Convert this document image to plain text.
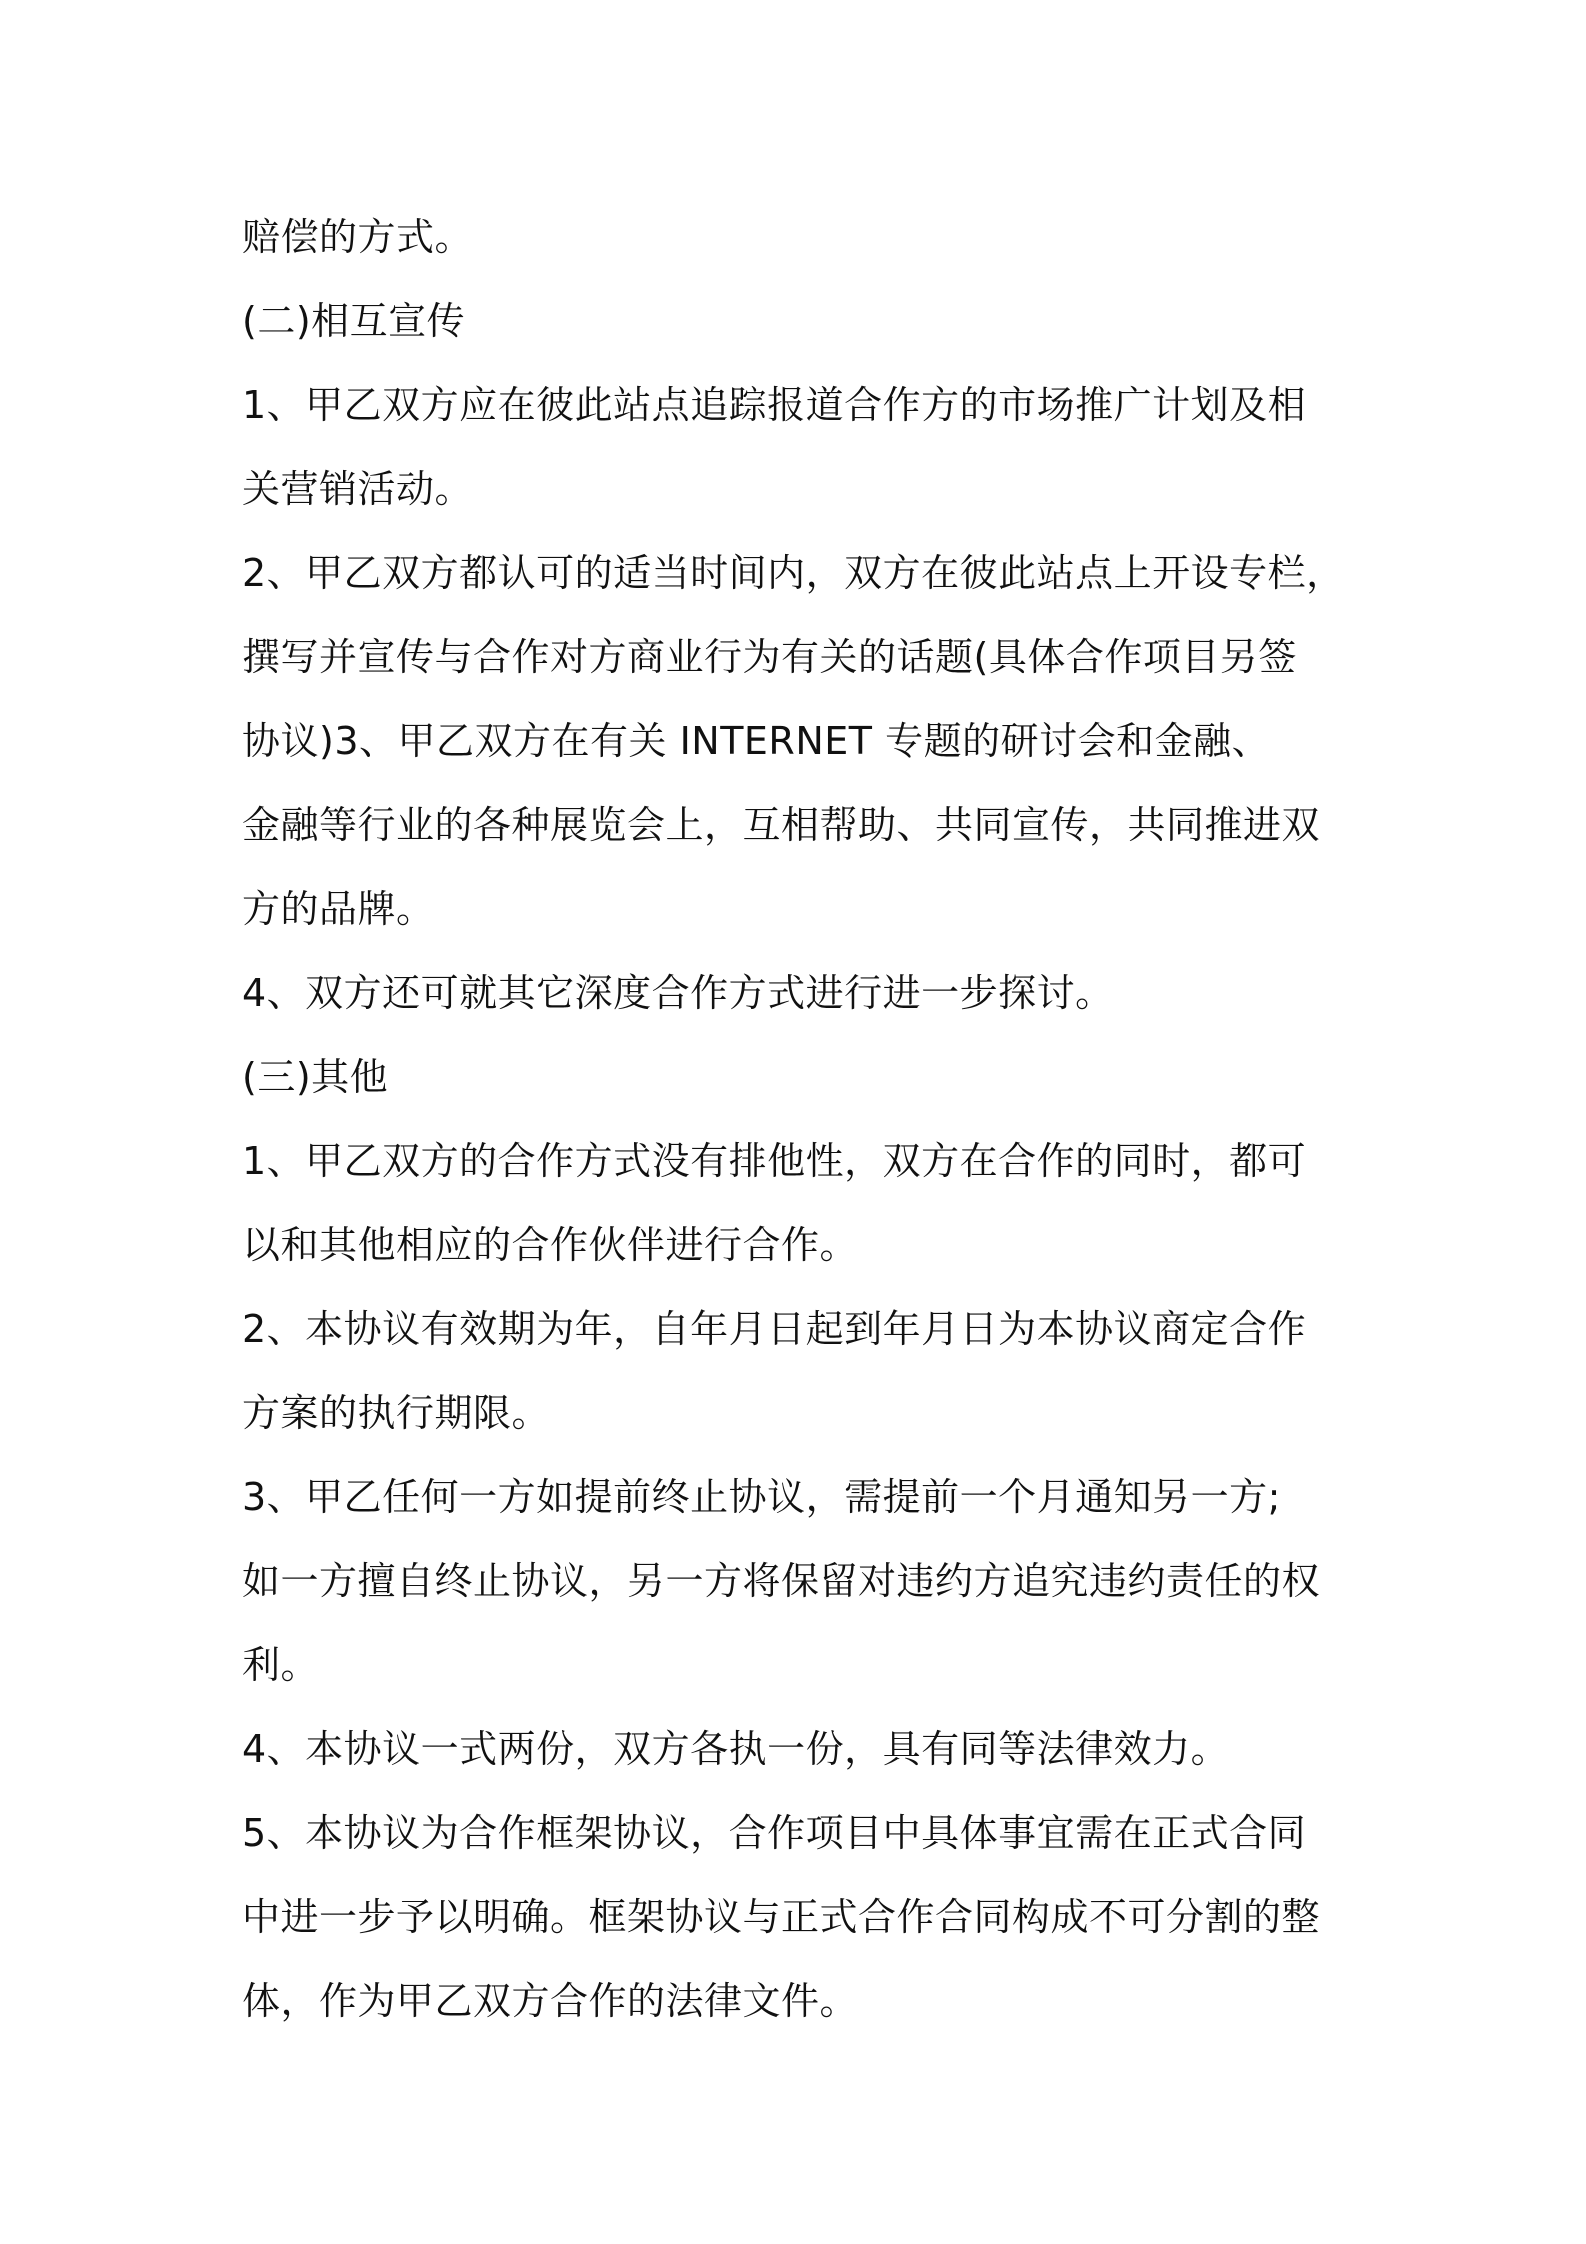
赔偿的方式。
(二)相互宣传
1、甲乙双方应在彼此站点追踪报道合作方的市场推广计划及相
关营销活动。
2、甲乙双方都认可的适当时间内，双方在彼此站点上开设专栏，
撰写并宣传与合作对方商业行为有关的话题(具体合作项目另签
协议)3、甲乙双方在有关 INTERNET 专题的研讨会和金融、
金融等行业的各种展览会上，互相帮助、共同宣传，共同推进双
方的品牌。
4、双方还可就其它深度合作方式进行进一步探讨。
(三)其他
1、甲乙双方的合作方式没有排他性，双方在合作的同时，都可
以和其他相应的合作伙伴进行合作。
2、本协议有效期为年，自年月日起到年月日为本协议商定合作
方案的执行期限。
3、甲乙任何一方如提前终止协议，需提前一个月通知另一方;
如一方擅自终止协议，另一方将保留对违约方追究违约责任的权
利。
4、本协议一式两份，双方各执一份，具有同等法律效力。
5、本协议为合作框架协议，合作项目中具体事宜需在正式合同
中进一步予以明确。框架协议与正式合作合同构成不可分割的整
体，作为甲乙双方合作的法律文件。
